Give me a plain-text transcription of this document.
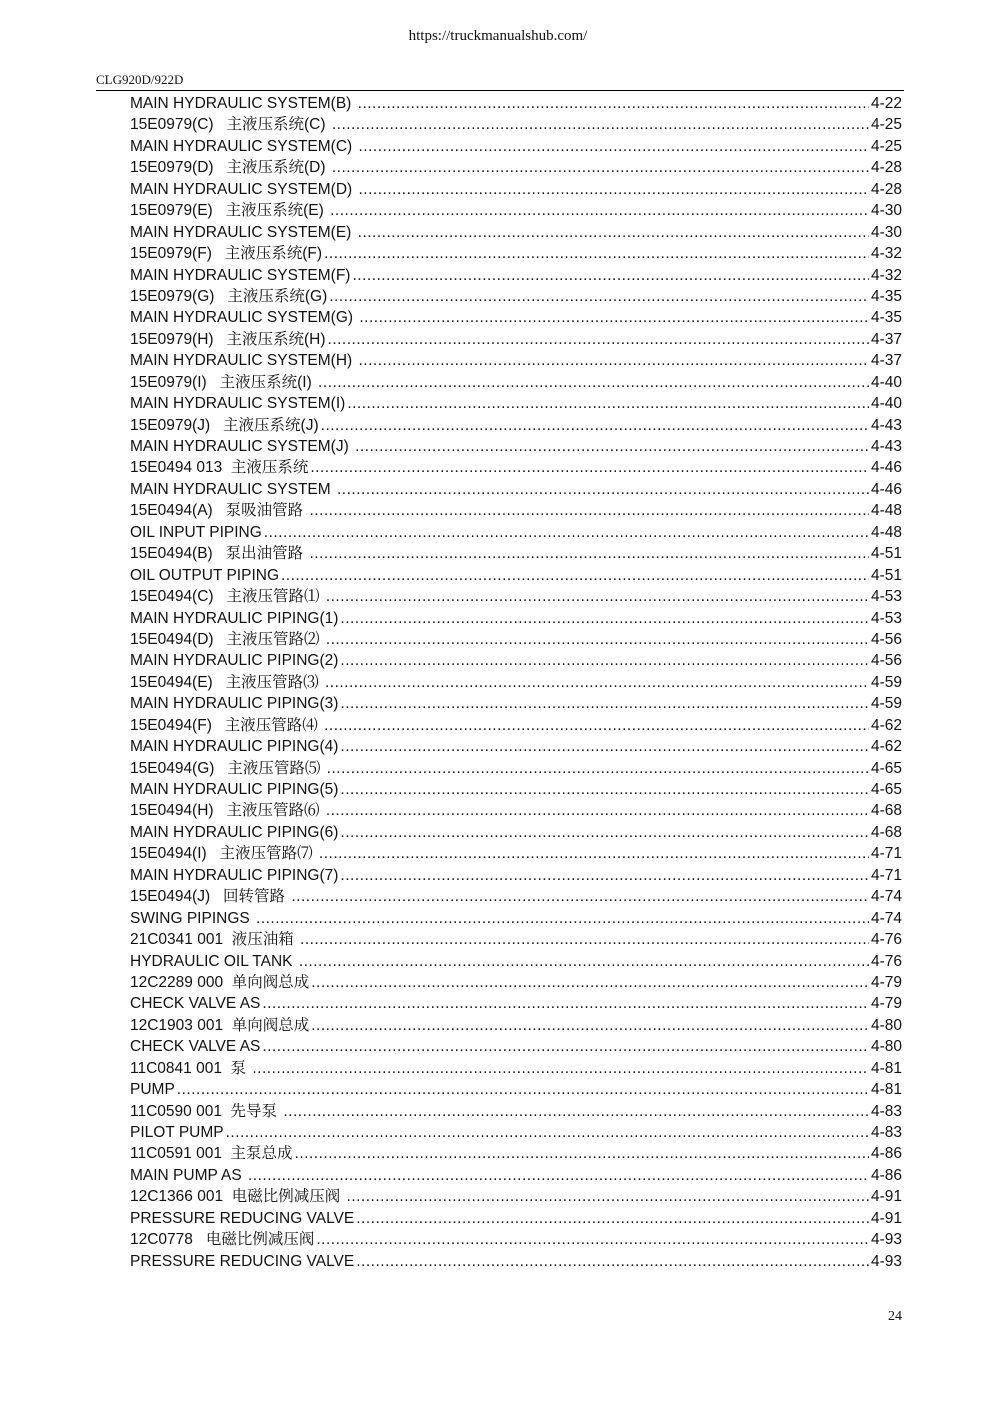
https://truckmanualshub.com/
CLG920D/922D
MAIN HYDRAULIC SYSTEM(B) .....	4-22
15E0979(C)   主液压系统(C) .....	4-25
MAIN HYDRAULIC SYSTEM(C) .....	4-25
15E0979(D)   主液压系统(D) .....	4-28
MAIN HYDRAULIC SYSTEM(D) .....	4-28
15E0979(E)   主液压系统(E) .....	4-30
MAIN HYDRAULIC SYSTEM(E) .....	4-30
15E0979(F)   主液压系统(F) .....	4-32
MAIN HYDRAULIC SYSTEM(F) .....	4-32
15E0979(G)   主液压系统(G) .....	4-35
MAIN HYDRAULIC SYSTEM(G) .....	4-35
15E0979(H)   主液压系统(H) .....	4-37
MAIN HYDRAULIC SYSTEM(H) .....	4-37
15E0979(I)   主液压系统(I) .....	4-40
MAIN HYDRAULIC SYSTEM(I) .....	4-40
15E0979(J)   主液压系统(J) .....	4-43
MAIN HYDRAULIC SYSTEM(J) .....	4-43
15E0494 013  主液压系统 .....	4-46
MAIN HYDRAULIC SYSTEM .....	4-46
15E0494(A)   泵吸油管路 .....	4-48
OIL INPUT PIPING .....	4-48
15E0494(B)   泵出油管路 .....	4-51
OIL OUTPUT PIPING .....	4-51
15E0494(C)   主液压管路⑴ .....	4-53
MAIN HYDRAULIC PIPING(1) .....	4-53
15E0494(D)   主液压管路⑵ .....	4-56
MAIN HYDRAULIC PIPING(2) .....	4-56
15E0494(E)   主液压管路⑶ .....	4-59
MAIN HYDRAULIC PIPING(3) .....	4-59
15E0494(F)   主液压管路⑷ .....	4-62
MAIN HYDRAULIC PIPING(4) .....	4-62
15E0494(G)   主液压管路⑸ .....	4-65
MAIN HYDRAULIC PIPING(5) .....	4-65
15E0494(H)   主液压管路⑹ .....	4-68
MAIN HYDRAULIC PIPING(6) .....	4-68
15E0494(I)   主液压管路⑺ .....	4-71
MAIN HYDRAULIC PIPING(7) .....	4-71
15E0494(J)   回转管路 .....	4-74
SWING PIPINGS .....	4-74
21C0341 001  液压油箱 .....	4-76
HYDRAULIC OIL TANK .....	4-76
12C2289 000  单向阀总成 .....	4-79
CHECK VALVE AS .....	4-79
12C1903 001  单向阀总成 .....	4-80
CHECK VALVE AS .....	4-80
11C0841 001  泵 .....	4-81
PUMP .....	4-81
11C0590 001  先导泵 .....	4-83
PILOT PUMP .....	4-83
11C0591 001  主泵总成 .....	4-86
MAIN PUMP AS .....	4-86
12C1366 001  电磁比例减压阀 .....	4-91
PRESSURE REDUCING VALVE .....	4-91
12C0778   电磁比例减压阀 .....	4-93
PRESSURE REDUCING VALVE .....	4-93
24
